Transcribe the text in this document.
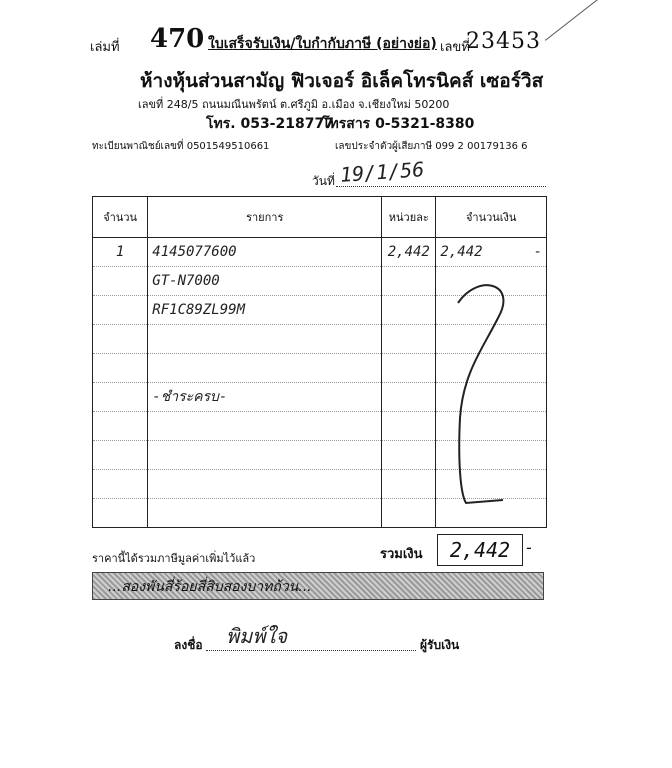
เล่มที่ 470 ใบเสร็จรับเงิน/ใบกำกับภาษี (อย่างย่อ) เลขที่
23453
ห้างหุ้นส่วนสามัญ ฟิวเจอร์ อิเล็คโทรนิคส์ เซอร์วิส
เลขที่ 248/5 ถนนมณีนพรัตน์ ต.ศรีภูมิ อ.เมือง จ.เชียงใหม่ 50200
โทร. 053-218777
โทรสาร 0-5321-8380
ทะเบียนพาณิชย์เลขที่ 0501549510661	เลขประจำตัวผู้เสียภาษี 099 2 00179136 6
วันที่ 19/1/56
จำนวน	รายการ	หน่วยละ	จำนวนเงิน
1	4145077600	2,442	2,442 -

	GT-N7000		

	RF1C89ZL99M		

	-ชำระครบ-		

ราคานี้ได้รวมภาษีมูลค่าเพิ่มไว้แล้ว	รวมเงิน	2,442 -
...สองพันสี่ร้อยสี่สิบสองบาทถ้วน...
ลงชื่อ พิมพ์ใจ	ผู้รับเงิน
